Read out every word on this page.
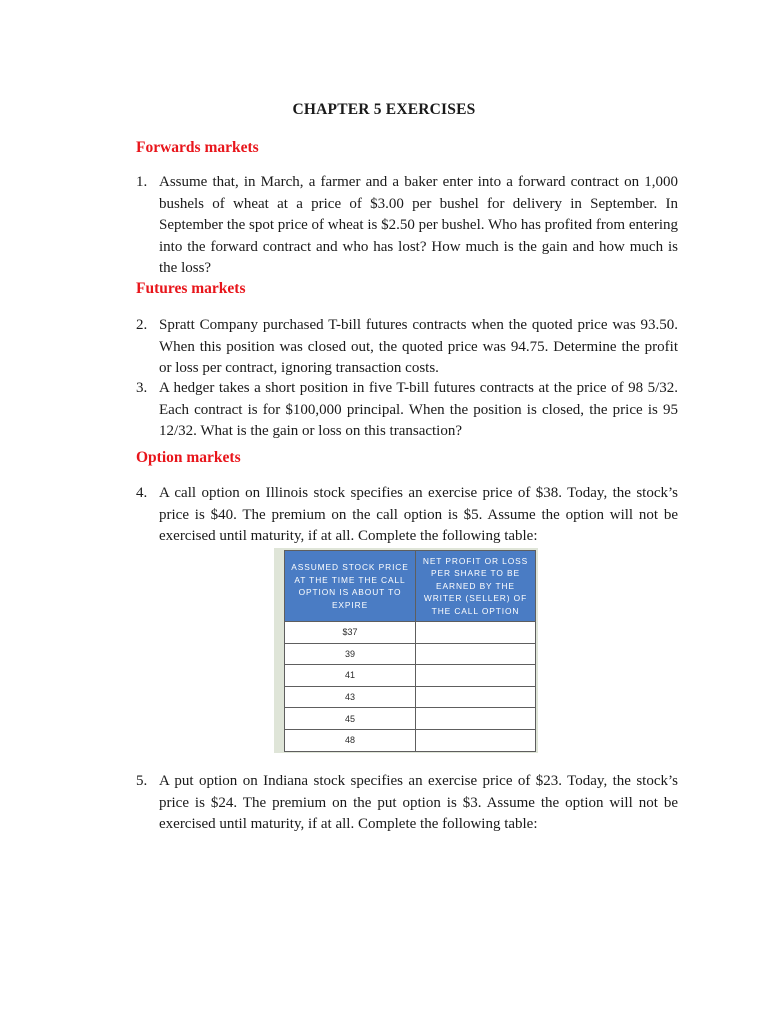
CHAPTER 5 EXERCISES
Forwards markets
1. Assume that, in March, a farmer and a baker enter into a forward contract on 1,000 bushels of wheat at a price of $3.00 per bushel for delivery in September. In September the spot price of wheat is $2.50 per bushel. Who has profited from entering into the forward contract and who has lost? How much is the gain and how much is the loss?
Futures markets
2. Spratt Company purchased T-bill futures contracts when the quoted price was 93.50. When this position was closed out, the quoted price was 94.75. Determine the profit or loss per contract, ignoring transaction costs.
3. A hedger takes a short position in five T-bill futures contracts at the price of 98 5/32. Each contract is for $100,000 principal. When the position is closed, the price is 95 12/32. What is the gain or loss on this transaction?
Option markets
4. A call option on Illinois stock specifies an exercise price of $38. Today, the stock’s price is $40. The premium on the call option is $5. Assume the option will not be exercised until maturity, if at all. Complete the following table:
ASSUMED STOCK PRICE AT THE TIME THE CALL OPTION IS ABOUT TO EXPIRE	NET PROFIT OR LOSS PER SHARE TO BE EARNED BY THE WRITER (SELLER) OF THE CALL OPTION
$37	
39	
41	
43	
45	
48	
5. A put option on Indiana stock specifies an exercise price of $23. Today, the stock’s price is $24. The premium on the put option is $3. Assume the option will not be exercised until maturity, if at all. Complete the following table:
